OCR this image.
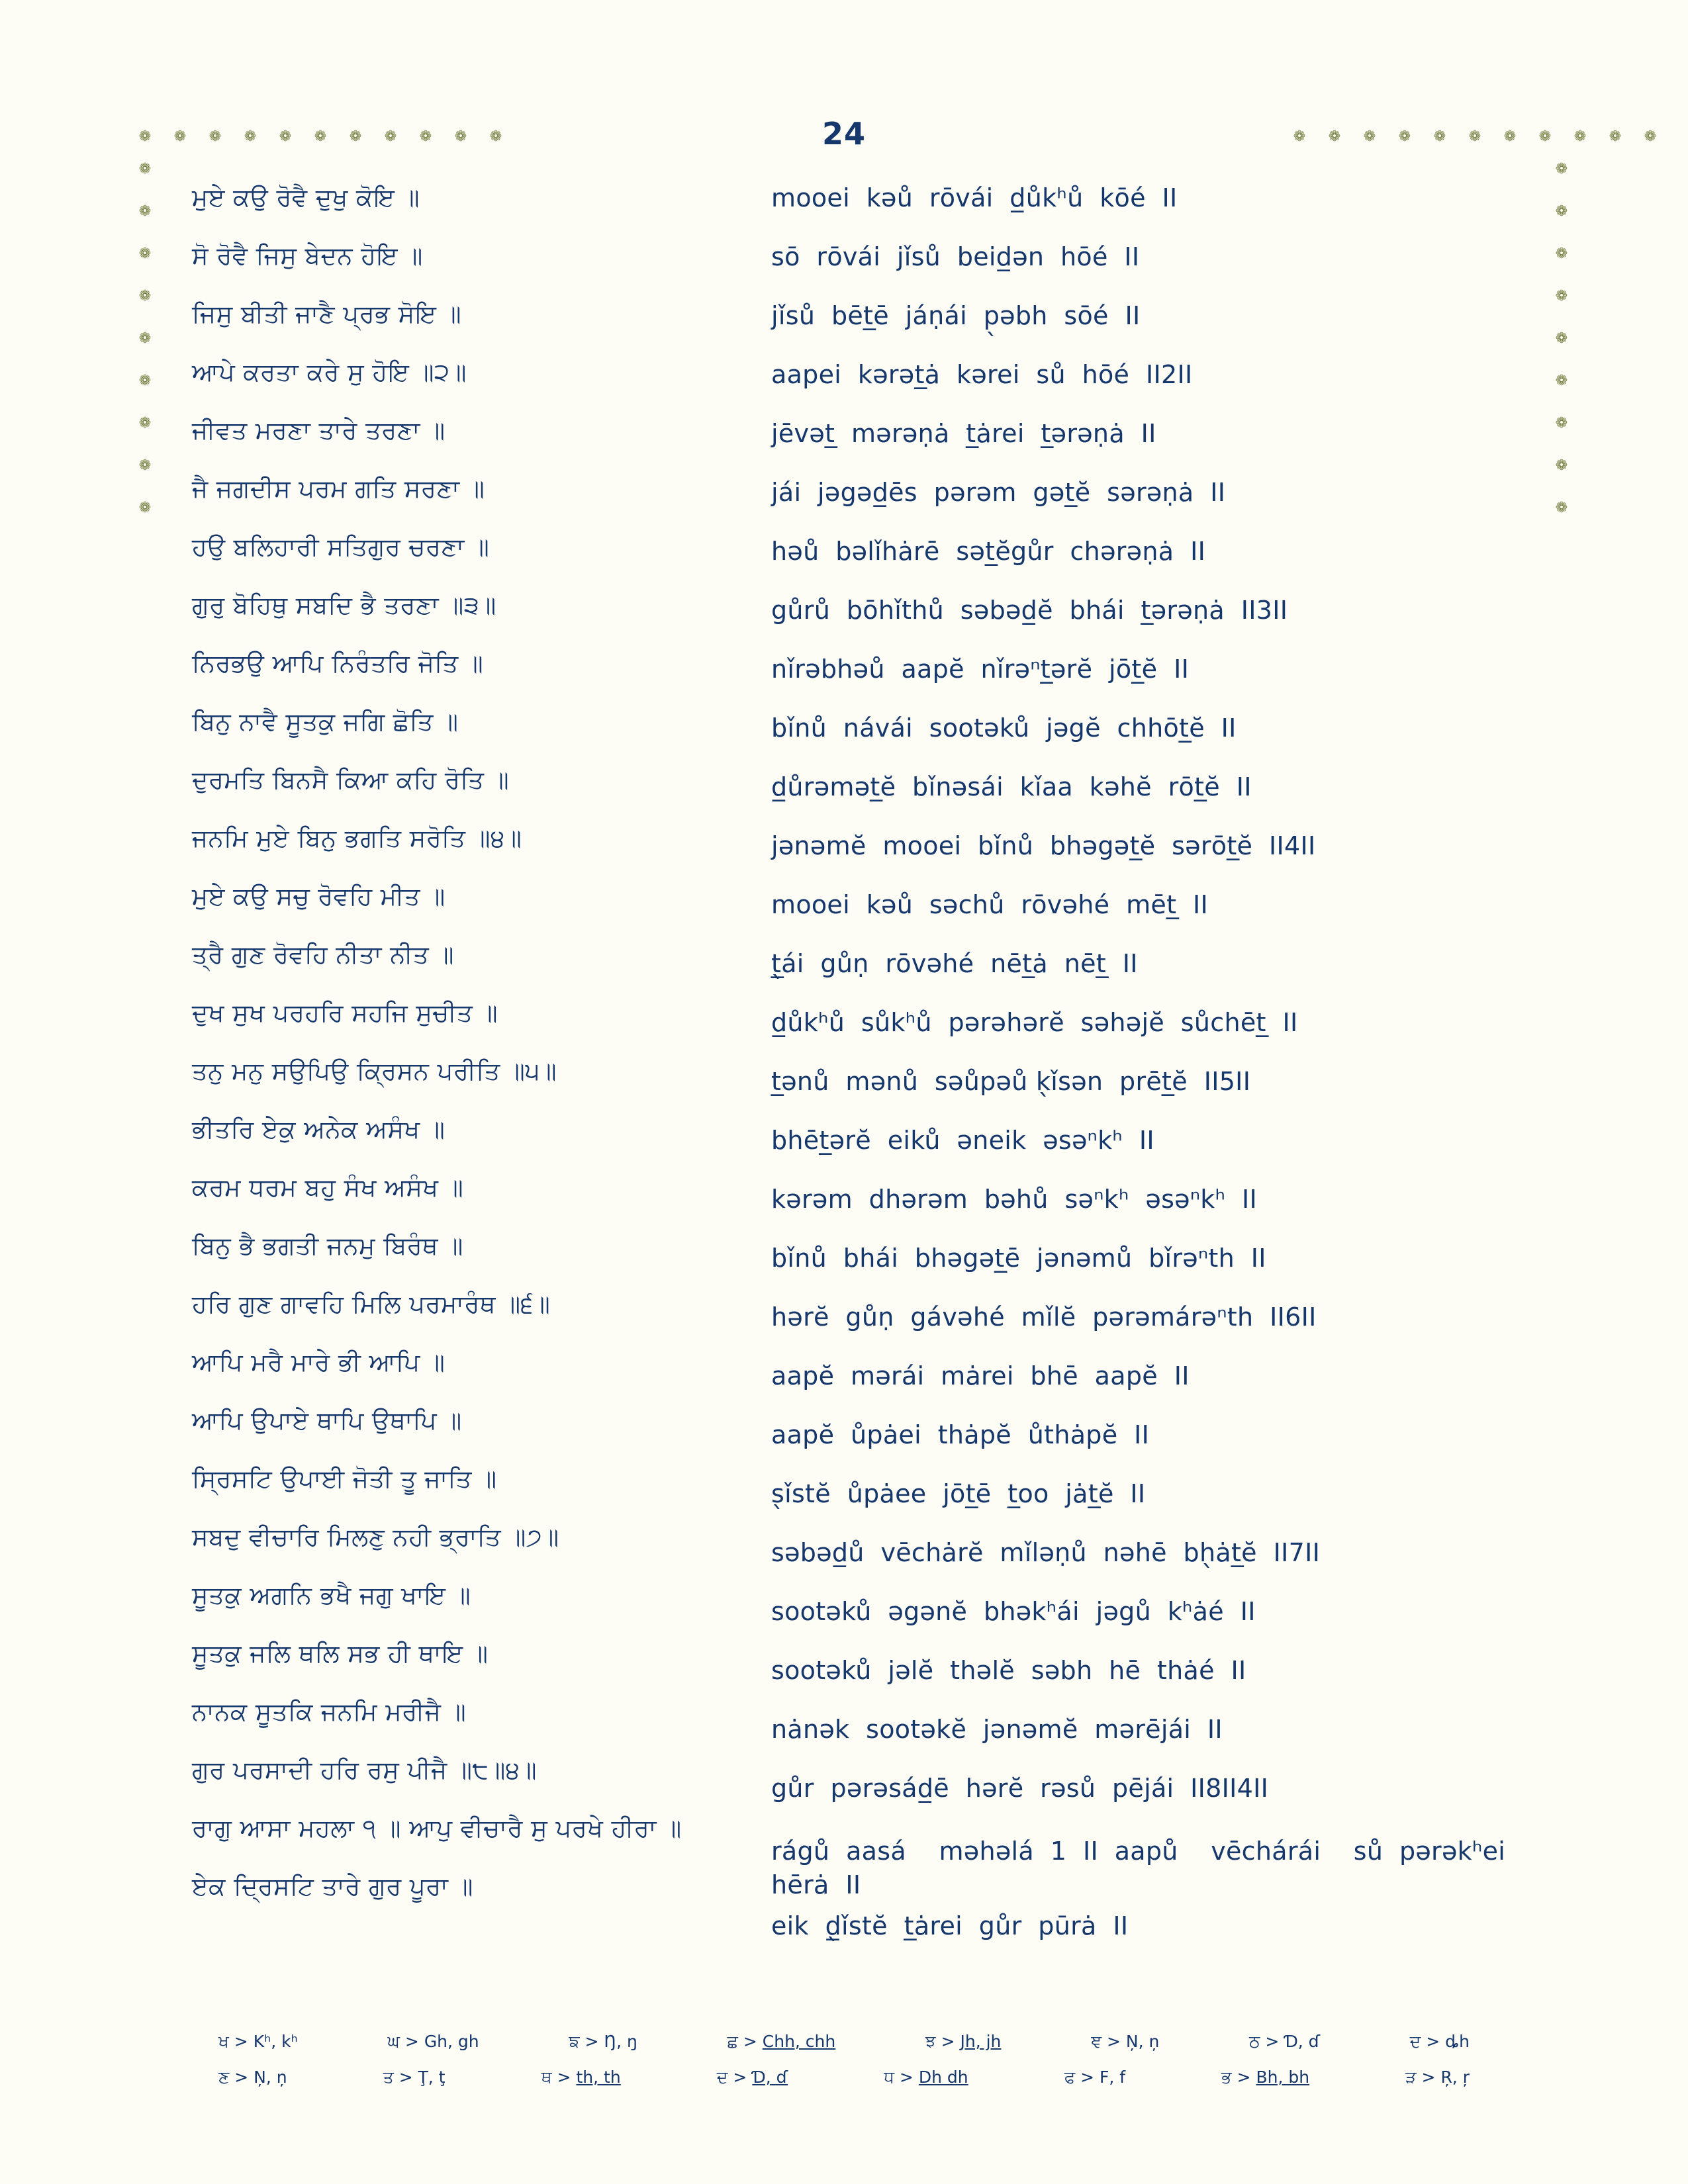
24
❁ ❁ ❁ ❁ ❁ ❁ ❁ ❁ ❁ ❁ ❁	❁ ❁ ❁ ❁ ❁ ❁ ❁ ❁ ❁ ❁ ❁
❁
❁
❁
❁
❁
❁
❁
❁
❁
❁
❁
❁
❁
❁
❁
❁
❁
❁
ਮੁਏ ਕਉ ਰੋਵੈ ਦੁਖੁ ਕੋਇ ॥
ਸੋ ਰੋਵੈ ਜਿਸੁ ਬੇਦਨ ਹੋਇ ॥
ਜਿਸੁ ਬੀਤੀ ਜਾਣੈ ਪ੍ਰਭ ਸੋਇ ॥
ਆਪੇ ਕਰਤਾ ਕਰੇ ਸੁ ਹੋਇ ॥੨॥
ਜੀਵਤ ਮਰਣਾ ਤਾਰੇ ਤਰਣਾ ॥
ਜੈ ਜਗਦੀਸ ਪਰਮ ਗਤਿ ਸਰਣਾ ॥
ਹਉ ਬਲਿਹਾਰੀ ਸਤਿਗੁਰ ਚਰਣਾ ॥
ਗੁਰੁ ਬੋਹਿਥੁ ਸਬਦਿ ਭੈ ਤਰਣਾ ॥੩॥
ਨਿਰਭਉ ਆਪਿ ਨਿਰੰਤਰਿ ਜੋਤਿ ॥
ਬਿਨੁ ਨਾਵੈ ਸੂਤਕੁ ਜਗਿ ਛੋਤਿ ॥
ਦੁਰਮਤਿ ਬਿਨਸੈ ਕਿਆ ਕਹਿ ਰੋਤਿ ॥
ਜਨਮਿ ਮੁਏ ਬਿਨੁ ਭਗਤਿ ਸਰੋਤਿ ॥੪॥
ਮੁਏ ਕਉ ਸਚੁ ਰੋਵਹਿ ਮੀਤ ॥
ਤ੍ਰੈ ਗੁਣ ਰੋਵਹਿ ਨੀਤਾ ਨੀਤ ॥
ਦੁਖ ਸੁਖ ਪਰਹਰਿ ਸਹਜਿ ਸੁਚੀਤ ॥
ਤਨੁ ਮਨੁ ਸਉਪਿਉ ਕ੍ਰਿਸਨ ਪਰੀਤਿ ॥੫॥
ਭੀਤਰਿ ਏਕੁ ਅਨੇਕ ਅਸੰਖ ॥
ਕਰਮ ਧਰਮ ਬਹੁ ਸੰਖ ਅਸੰਖ ॥
ਬਿਨੁ ਭੈ ਭਗਤੀ ਜਨਮੁ ਬਿਰੰਥ ॥
ਹਰਿ ਗੁਣ ਗਾਵਹਿ ਮਿਲਿ ਪਰਮਾਰੰਥ ॥੬॥
ਆਪਿ ਮਰੈ ਮਾਰੇ ਭੀ ਆਪਿ ॥
ਆਪਿ ਉਪਾਏ ਥਾਪਿ ਉਥਾਪਿ ॥
ਸ੍ਰਿਸਟਿ ਉਪਾਈ ਜੋਤੀ ਤੂ ਜਾਤਿ ॥
ਸਬਦੁ ਵੀਚਾਰਿ ਮਿਲਣੁ ਨਹੀ ਭ੍ਰਾਤਿ ॥੭॥
ਸੂਤਕੁ ਅਗਨਿ ਭਖੈ ਜਗੁ ਖਾਇ ॥
ਸੂਤਕੁ ਜਲਿ ਥਲਿ ਸਭ ਹੀ ਥਾਇ ॥
ਨਾਨਕ ਸੂਤਕਿ ਜਨਮਿ ਮਰੀਜੈ ॥
ਗੁਰ ਪਰਸਾਦੀ ਹਰਿ ਰਸੁ ਪੀਜੈ ॥੮॥੪॥
ਰਾਗੁ ਆਸਾ ਮਹਲਾ ੧ ॥ ਆਪੁ ਵੀਚਾਰੈ ਸੁ ਪਰਖੇ ਹੀਰਾ ॥
ਏਕ ਦ੍ਰਿਸਟਿ ਤਾਰੇ ਗੁਰ ਪੂਰਾ ॥
mooei  kəů  rōvái  d̲ůkʰů  kōé  ΙΙ
sō  rōvái  jǐsů  beid̲ən  hōé  ΙΙ
jǐsů  bēt̲ē  jáṇái  p̖əbh  sōé  ΙΙ
aapei  kərət̲ȧ  kərei  sů  hōé  ΙΙ2ΙΙ
jēvət̲  mərəṇȧ  t̲ȧrei  t̲ərəṇȧ  ΙΙ
jái  jəgəd̲ēs  pərəm  gət̲ĕ  sərəṇȧ  ΙΙ
həů  bəlǐhȧrē  sət̲ĕgůr  chərəṇȧ  ΙΙ
gůrů  bōhǐthů  səbəd̲ĕ  bhái  t̲ərəṇȧ  ΙΙ3ΙΙ
nǐrəbhəů  aapĕ  nǐrəⁿt̲ərĕ  jōt̲ĕ  ΙΙ
bǐnů  návái  sootəků  jəgĕ  chhōt̲ĕ  ΙΙ
d̲ůrəmət̲ĕ  bǐnəsái  kǐaa  kəhĕ  rōt̲ĕ  ΙΙ
jənəmĕ  mooei  bǐnů  bhəgət̲ĕ  sərōt̲ĕ  ΙΙ4ΙΙ
mooei  kəů  səchů  rōvəhé  mēt̲  ΙΙ
t̲̖ái  gůṇ  rōvəhé  nēt̲ȧ  nēt̲  ΙΙ
d̲ůkʰů  sůkʰů  pərəhərĕ  səhəjĕ  sůchēt̲  ΙΙ
t̲ənů  mənů  səůpəů k̖ǐsən  prēt̲ĕ  ΙΙ5ΙΙ
bhēt̲ərĕ  eiků  əneik  əsəⁿkʰ  ΙΙ
kərəm  dhərəm  bəhů  səⁿkʰ  əsəⁿkʰ  ΙΙ
bǐnů  bhái  bhəgət̲ē  jənəmů  bǐrəⁿth  ΙΙ
hərĕ  gůṇ  gávəhé  mǐlĕ  pərəmárəⁿth  ΙΙ6ΙΙ
aapĕ  mərái  mȧrei  bhē  aapĕ  ΙΙ
aapĕ  ůpȧei  thȧpĕ  ůthȧpĕ  ΙΙ
s̖ǐstĕ  ůpȧee  jōt̲ē  t̲oo  jȧt̲ĕ  ΙΙ
səbəd̲ů  vēchȧrĕ  mǐləṇů  nəhē  bh̖ȧt̲ĕ  ΙΙ7ΙΙ
sootəků  əgənĕ  bhəkʰái  jəgů  kʰȧé  ΙΙ
sootəků  jəlĕ  thəlĕ  səbh  hē  thȧé  ΙΙ
nȧnək  sootəkĕ  jənəmĕ  mərējái  ΙΙ
gůr  pərəsád̲ē  hərĕ  rəsů  pējái  ΙΙ8ΙΙ4ΙΙ
rágů  aasá    məhəlá  1  ΙΙ  aapů    vēchárái    sů  pərəkʰei  hērȧ  ΙΙ
eik  d̲̖ǐstĕ  t̲ȧrei  gůr  pūrȧ  ΙΙ
ਖ > Kʰ, kʰ	ਘ > Gh, gh	ਙ > Ŋ, ŋ	ਛ > Chh, chh	ਝ > Jh, jh	ਞ > Ņ, ņ	ਠ > Ɗ, ɗ	ਦ > ȡh
ਣ > Ņ, ņ	ਤ > Ţ, ţ	ਥ > th, th	ਦ > Ɗ, ɗ	ਧ > Dh dh	ਫ > F, f	ਭ > Bh, bh	ੜ > Ŗ, ŗ
